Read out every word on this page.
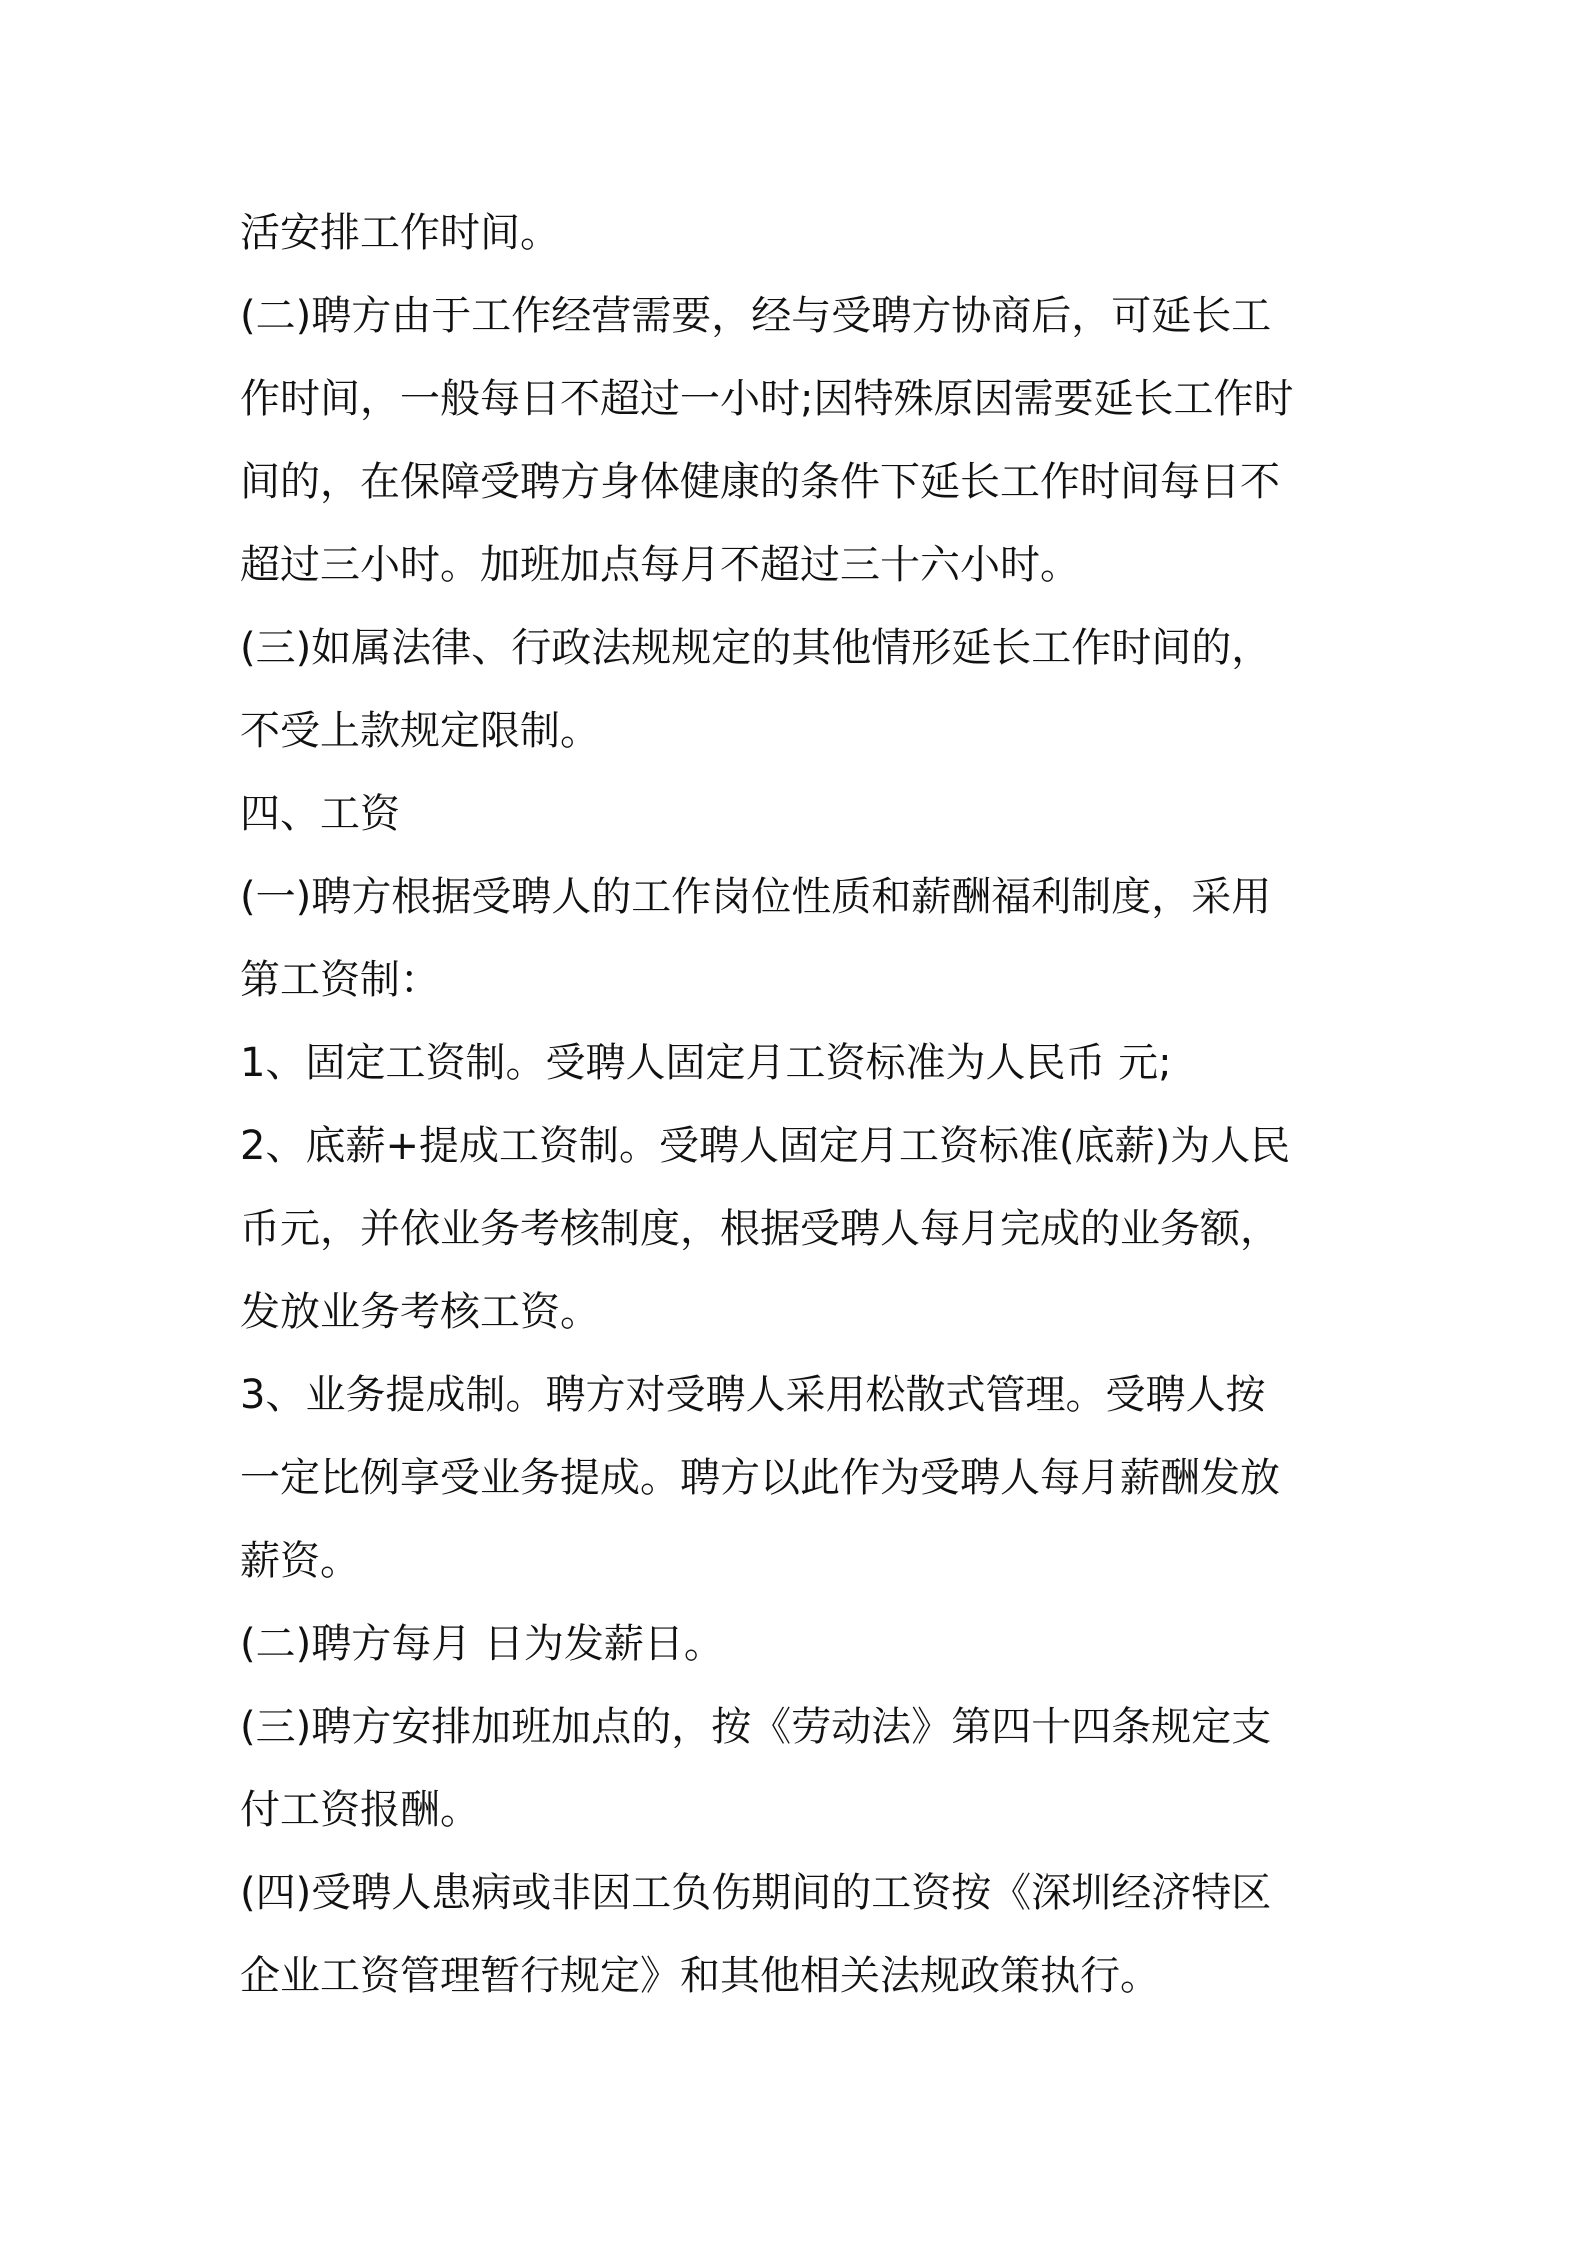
活安排工作时间。

(二)聘方由于工作经营需要，经与受聘方协商后，可延长工
作时间，一般每日不超过一小时;因特殊原因需要延长工作时
间的，在保障受聘方身体健康的条件下延长工作时间每日不
超过三小时。加班加点每月不超过三十六小时。

(三)如属法律、行政法规规定的其他情形延长工作时间的，
不受上款规定限制。

四、工资

(一)聘方根据受聘人的工作岗位性质和薪酬福利制度，采用
第工资制：

1、固定工资制。受聘人固定月工资标准为人民币 元;

2、底薪+提成工资制。受聘人固定月工资标准(底薪)为人民
币元，并依业务考核制度，根据受聘人每月完成的业务额，
发放业务考核工资。

3、业务提成制。聘方对受聘人采用松散式管理。受聘人按
一定比例享受业务提成。聘方以此作为受聘人每月薪酬发放
薪资。

(二)聘方每月 日为发薪日。

(三)聘方安排加班加点的，按《劳动法》第四十四条规定支
付工资报酬。

(四)受聘人患病或非因工负伤期间的工资按《深圳经济特区
企业工资管理暂行规定》和其他相关法规政策执行。
